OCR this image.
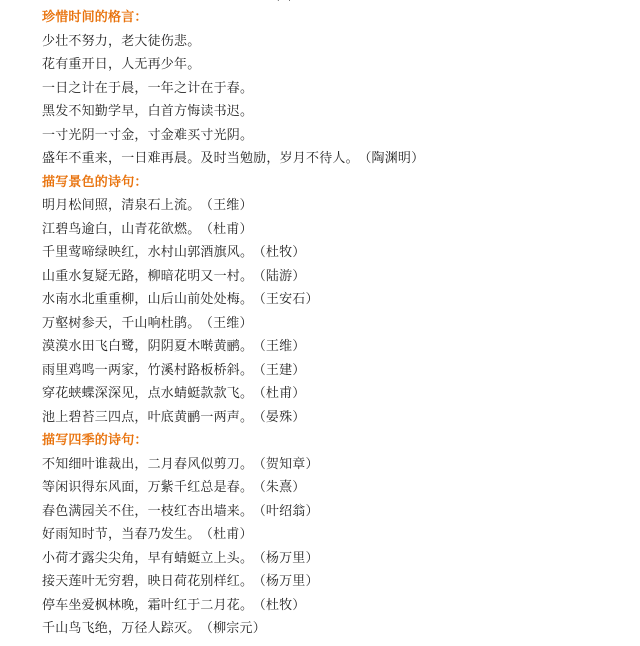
珍惜时间的格言：
少壮不努力，老大徒伤悲。
花有重开日，人无再少年。
一日之计在于晨，一年之计在于春。
黑发不知勤学早，白首方悔读书迟。
一寸光阴一寸金，寸金难买寸光阴。
盛年不重来，一日难再晨。及时当勉励，岁月不待人。 （陶渊明）
描写景色的诗句：
明月松间照，清泉石上流。 （王维）
江碧鸟逾白，山青花欲燃。 （杜甫）
千里莺啼绿映红，水村山郭酒旗风。 （杜牧）
山重水复疑无路，柳暗花明又一村。 （陆游）
水南水北重重柳，山后山前处处梅。 （王安石）
万壑树参天，千山响杜鹃。 （王维）
漠漠水田飞白鹭，阴阴夏木啭黄鹂。 （王维）
雨里鸡鸣一两家，竹溪村路板桥斜。 （王建）
穿花蛱蝶深深见，点水蜻蜓款款飞。 （杜甫）
池上碧苔三四点，叶底黄鹂一两声。 （晏殊）
描写四季的诗句：
不知细叶谁裁出，二月春风似剪刀。 （贺知章）
等闲识得东风面，万紫千红总是春。 （朱熹）
春色满园关不住，一枝红杏出墙来。 （叶绍翁）
好雨知时节，当春乃发生。 （杜甫）
小荷才露尖尖角，早有蜻蜓立上头。 （杨万里）
接天莲叶无穷碧，映日荷花别样红。 （杨万里）
停车坐爱枫林晚，霜叶红于二月花。 （杜牧）
千山鸟飞绝，万径人踪灭。 （柳宗元）
